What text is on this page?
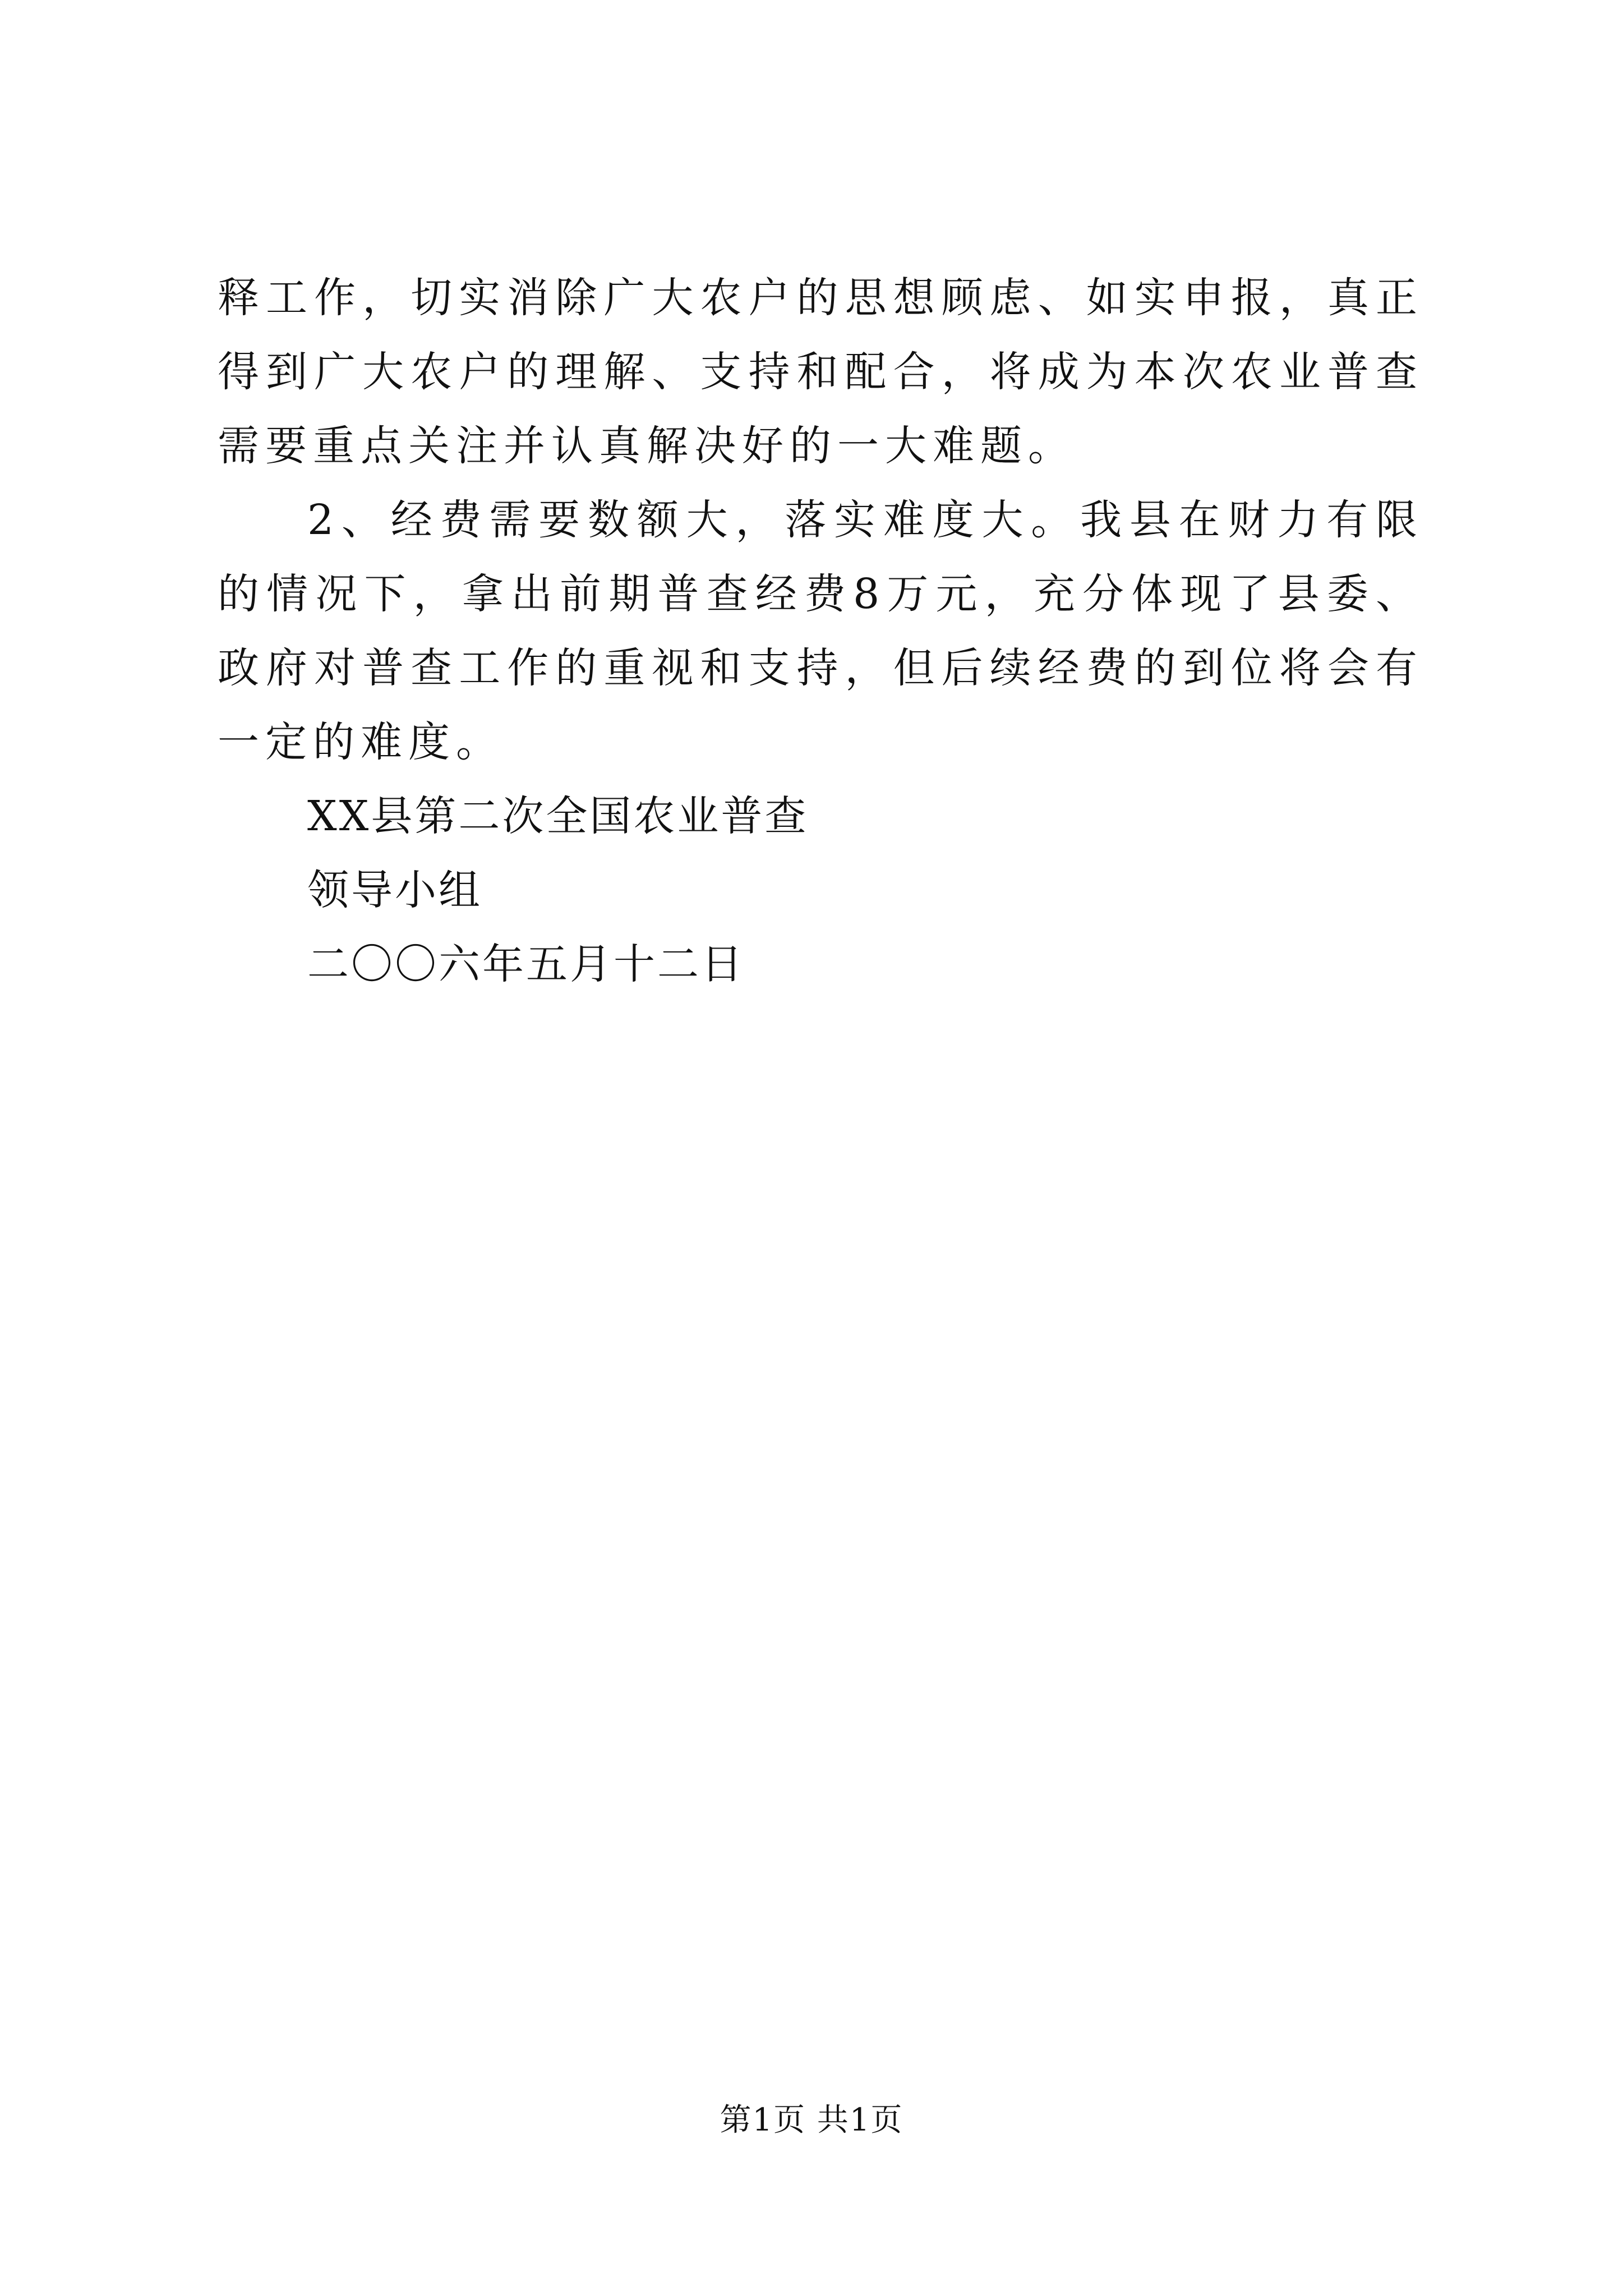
释工作，切实消除广大农户的思想顾虑、如实申报，真正得到广大农户的理解、支持和配合，将成为本次农业普查需要重点关注并认真解决好的一大难题。

2、经费需要数额大，落实难度大。我县在财力有限的情况下，拿出前期普查经费8万元，充分体现了县委、政府对普查工作的重视和支持，但后续经费的到位将会有一定的难度。

XX县第二次全国农业普查

领导小组

二〇〇六年五月十二日

第1页 共1页
